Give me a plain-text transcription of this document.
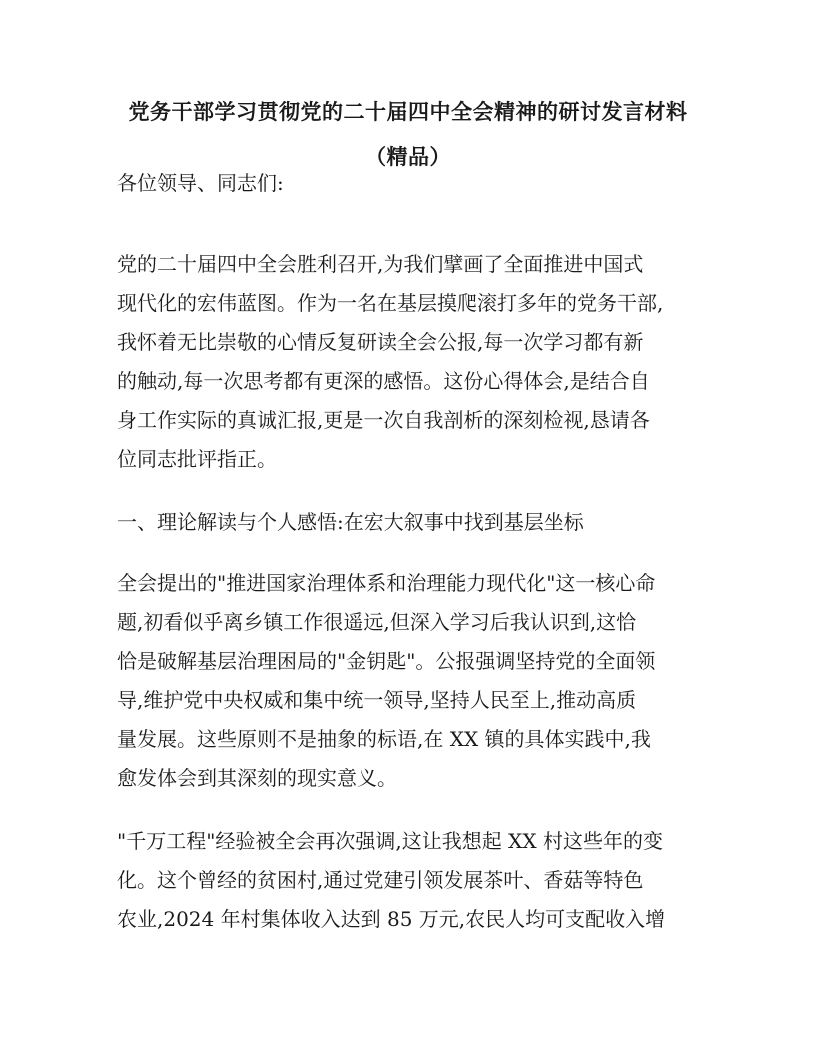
党务干部学习贯彻党的二十届四中全会精神的研讨发言材料
（精品）
各位领导、同志们:
党的二十届四中全会胜利召开,为我们擘画了全面推进中国式
现代化的宏伟蓝图。作为一名在基层摸爬滚打多年的党务干部,
我怀着无比崇敬的心情反复研读全会公报,每一次学习都有新
的触动,每一次思考都有更深的感悟。这份心得体会,是结合自
身工作实际的真诚汇报,更是一次自我剖析的深刻检视,恳请各
位同志批评指正。
一、理论解读与个人感悟:在宏大叙事中找到基层坐标
全会提出的"推进国家治理体系和治理能力现代化"这一核心命
题,初看似乎离乡镇工作很遥远,但深入学习后我认识到,这恰
恰是破解基层治理困局的"金钥匙"。公报强调坚持党的全面领
导,维护党中央权威和集中统一领导,坚持人民至上,推动高质
量发展。这些原则不是抽象的标语,在 XX 镇的具体实践中,我
愈发体会到其深刻的现实意义。
"千万工程"经验被全会再次强调,这让我想起 XX 村这些年的变
化。这个曾经的贫困村,通过党建引领发展茶叶、香菇等特色
农业,2024 年村集体收入达到 85 万元,农民人均可支配收入增
